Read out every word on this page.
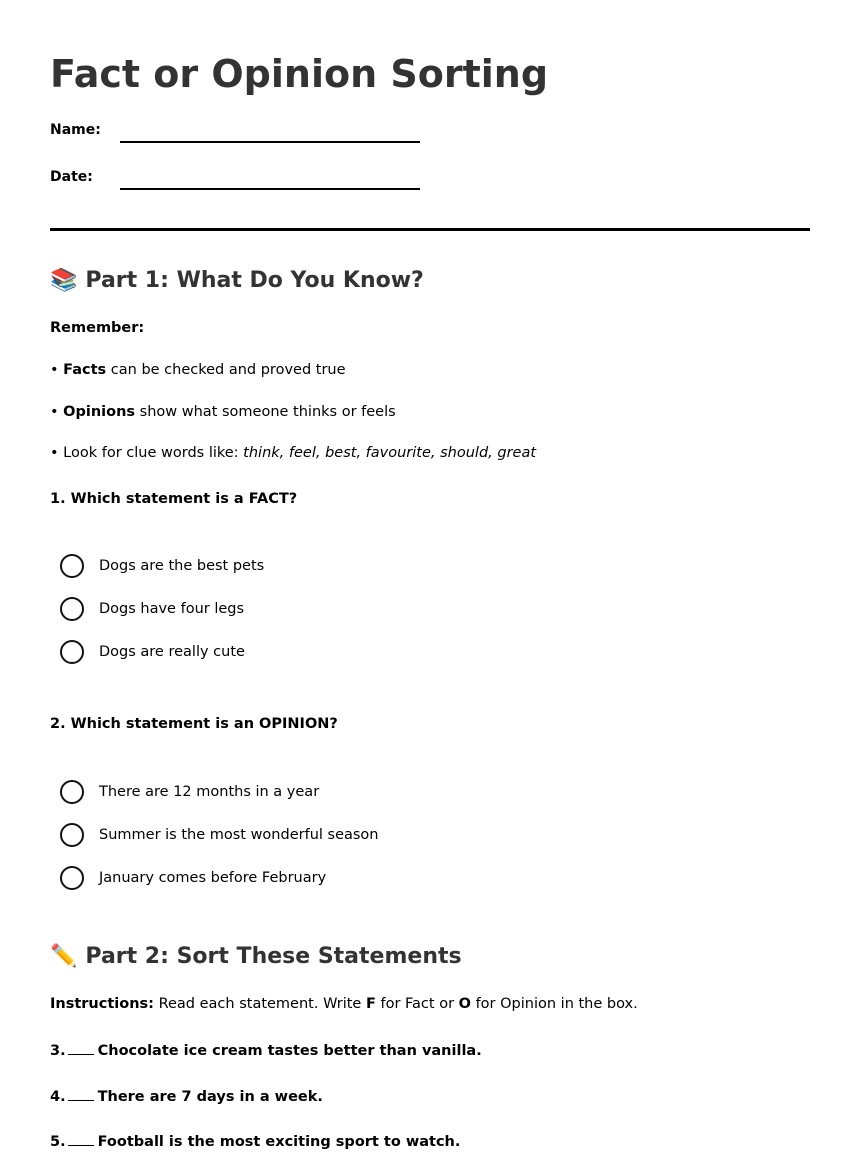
Fact or Opinion Sorting
Name:
Date:
📚 Part 1: What Do You Know?
Remember:
• Facts can be checked and proved true
• Opinions show what someone thinks or feels
• Look for clue words like: think, feel, best, favourite, should, great
1. Which statement is a FACT?
Dogs are the best pets
Dogs have four legs
Dogs are really cute
2. Which statement is an OPINION?
There are 12 months in a year
Summer is the most wonderful season
January comes before February
✏️ Part 2: Sort These Statements
Instructions: Read each statement. Write F for Fact or O for Opinion in the box.
3. Chocolate ice cream tastes better than vanilla.
4. There are 7 days in a week.
5. Football is the most exciting sport to watch.
